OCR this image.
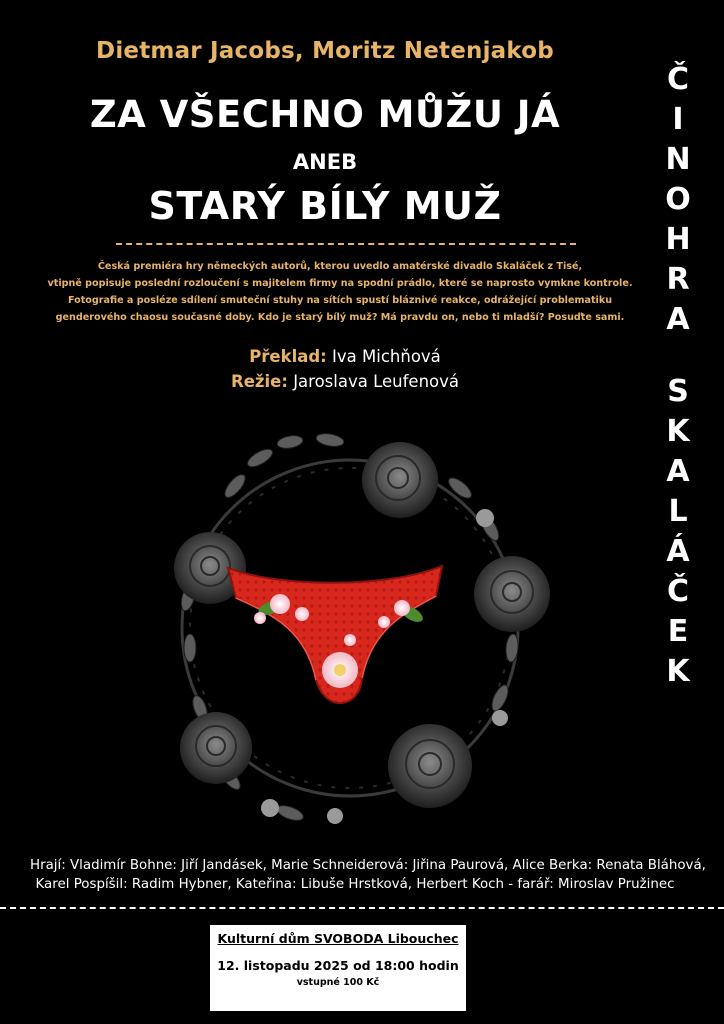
Dietmar Jacobs, Moritz Netenjakob
ZA VŠECHNO MŮŽU JÁ
ANEB
STARÝ BÍLÝ MUŽ
Česká premiéra hry německých autorů, kterou uvedlo amatérské divadlo Skaláček z Tisé,
vtipně popisuje poslední rozloučení s majitelem firmy na spodní prádlo, které se naprosto vymkne kontrole.
Fotografie a posléze sdílení smuteční stuhy na sítích spustí bláznivé reakce, odrážející problematiku
genderového chaosu současné doby. Kdo je starý bílý muž? Má pravdu on, nebo ti mladší? Posuďte sami.
Překlad: Iva Michňová
Režie: Jaroslava Leufenová
Č
I
N
O
H
R
A
S
K
A
L
Á
Č
E
K
Hrají: Vladimír Bohne: Jiří Jandásek, Marie Schneiderová: Jiřina Paurová, Alice Berka: Renata Bláhová,
Karel Pospíšil: Radim Hybner, Kateřina: Libuše Hrstková, Herbert Koch - farář: Miroslav Pružinec
Kulturní dům SVOBODA Libouchec
12. listopadu 2025 od 18:00 hodin
vstupné 100 Kč
